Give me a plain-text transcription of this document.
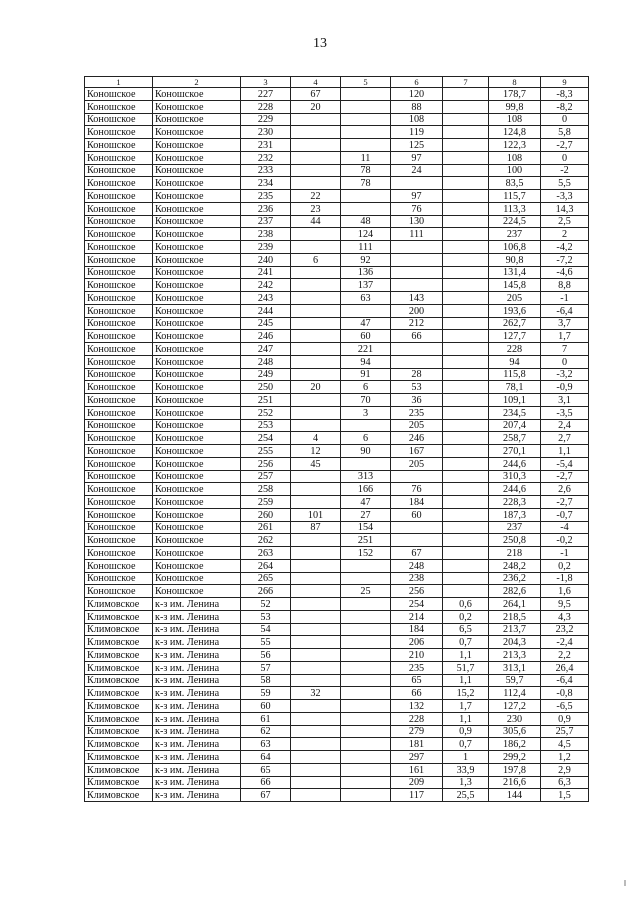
13
1	2	3	4	5	6	7	8	9
Коношское	Коношское	227	67		120		178,7	-8,3
Коношское	Коношское	228	20		88		99,8	-8,2
Коношское	Коношское	229			108		108	0
Коношское	Коношское	230			119		124,8	5,8
Коношское	Коношское	231			125		122,3	-2,7
Коношское	Коношское	232		11	97		108	0
Коношское	Коношское	233		78	24		100	-2
Коношское	Коношское	234		78			83,5	5,5
Коношское	Коношское	235	22		97		115,7	-3,3
Коношское	Коношское	236	23		76		113,3	14,3
Коношское	Коношское	237	44	48	130		224,5	2,5
Коношское	Коношское	238		124	111		237	2
Коношское	Коношское	239		111			106,8	-4,2
Коношское	Коношское	240	6	92			90,8	-7,2
Коношское	Коношское	241		136			131,4	-4,6
Коношское	Коношское	242		137			145,8	8,8
Коношское	Коношское	243		63	143		205	-1
Коношское	Коношское	244			200		193,6	-6,4
Коношское	Коношское	245		47	212		262,7	3,7
Коношское	Коношское	246		60	66		127,7	1,7
Коношское	Коношское	247		221			228	7
Коношское	Коношское	248		94			94	0
Коношское	Коношское	249		91	28		115,8	-3,2
Коношское	Коношское	250	20	6	53		78,1	-0,9
Коношское	Коношское	251		70	36		109,1	3,1
Коношское	Коношское	252		3	235		234,5	-3,5
Коношское	Коношское	253			205		207,4	2,4
Коношское	Коношское	254	4	6	246		258,7	2,7
Коношское	Коношское	255	12	90	167		270,1	1,1
Коношское	Коношское	256	45		205		244,6	-5,4
Коношское	Коношское	257		313			310,3	-2,7
Коношское	Коношское	258		166	76		244,6	2,6
Коношское	Коношское	259		47	184		228,3	-2,7
Коношское	Коношское	260	101	27	60		187,3	-0,7
Коношское	Коношское	261	87	154			237	-4
Коношское	Коношское	262		251			250,8	-0,2
Коношское	Коношское	263		152	67		218	-1
Коношское	Коношское	264			248		248,2	0,2
Коношское	Коношское	265			238		236,2	-1,8
Коношское	Коношское	266		25	256		282,6	1,6
Климовское	к-з им. Ленина	52			254	0,6	264,1	9,5
Климовское	к-з им. Ленина	53			214	0,2	218,5	4,3
Климовское	к-з им. Ленина	54			184	6,5	213,7	23,2
Климовское	к-з им. Ленина	55			206	0,7	204,3	-2,4
Климовское	к-з им. Ленина	56			210	1,1	213,3	2,2
Климовское	к-з им. Ленина	57			235	51,7	313,1	26,4
Климовское	к-з им. Ленина	58			65	1,1	59,7	-6,4
Климовское	к-з им. Ленина	59	32		66	15,2	112,4	-0,8
Климовское	к-з им. Ленина	60			132	1,7	127,2	-6,5
Климовское	к-з им. Ленина	61			228	1,1	230	0,9
Климовское	к-з им. Ленина	62			279	0,9	305,6	25,7
Климовское	к-з им. Ленина	63			181	0,7	186,2	4,5
Климовское	к-з им. Ленина	64			297	1	299,2	1,2
Климовское	к-з им. Ленина	65			161	33,9	197,8	2,9
Климовское	к-з им. Ленина	66			209	1,3	216,6	6,3
Климовское	к-з им. Ленина	67			117	25,5	144	1,5
